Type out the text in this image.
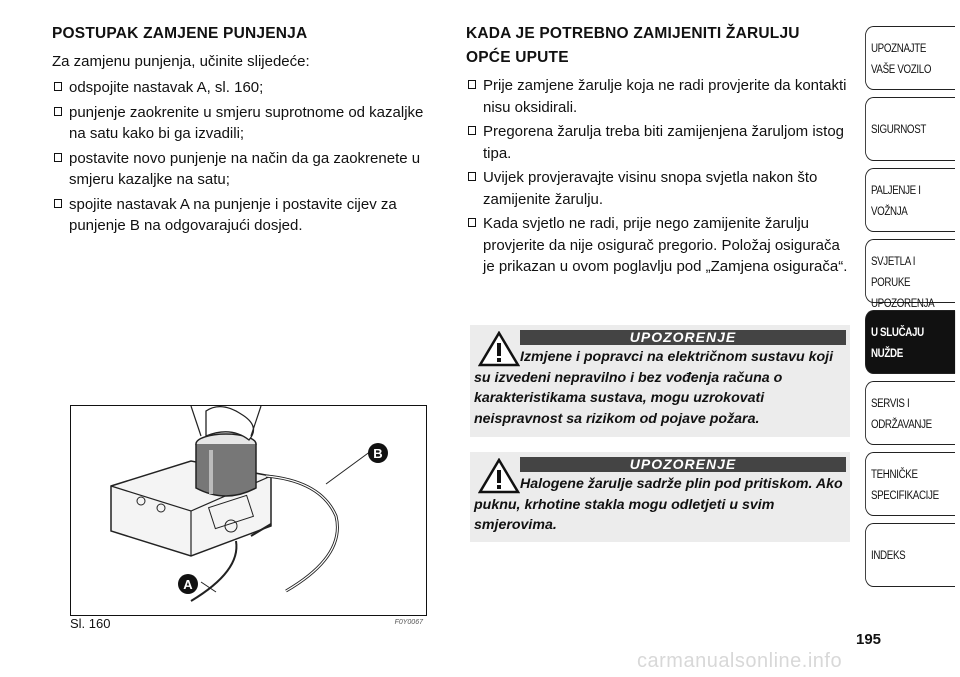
POSTUPAK ZAMJENE PUNJENJA

Za zamjenu punjenja, učinite slijedeće:

odspojite nastavak A, sl. 160;
punjenje zaokrenite u smjeru suprotnome od kazaljke na satu kako bi ga izvadili;
postavite novo punjenje na način da ga zaokrenete u smjeru kazaljke na satu;
spojite nastavak A na punjenje i postavite cijev za punjenje B na odgovarajući dosjed.
KADA JE POTREBNO ZAMIJENITI ŽARULJU
OPĆE UPUTE
Prije zamjene žarulje koja ne radi provjerite da kontakti nisu oksidirali.
Pregorena žarulja treba biti zamijenjena žaruljom istog tipa.
Uvijek provjeravajte visinu snopa svjetla nakon što zamijenite žarulju.
Kada svjetlo ne radi, prije nego zamijenite žarulju provjerite da nije osigurač pregorio. Položaj osigurača je prikazan u ovom poglavlju pod „Zamjena osigurača“.
UPOZORENJE
Izmjene i popravci na električnom sustavu koji su izvedeni nepravilno i bez vođenja računa o karakteristikama sustava, mogu uzrokovati neispravnost sa rizikom od pojave požara.
UPOZORENJE
Halogene žarulje sadrže plin pod pritiskom. Ako puknu, krhotine stakla mogu odletjeti u svim smjerovima.
B
A
Sl. 160	F0Y0067
UPOZNAJTE
VAŠE VOZILO
SIGURNOST
PALJENJE I
VOŽNJA
SVJETLA I PORUKE
UPOZORENJA
U SLUČAJU
NUŽDE
SERVIS I
ODRŽAVANJE
TEHNIČKE
SPECIFIKACIJE
INDEKS
195
carmanualsonline.info
